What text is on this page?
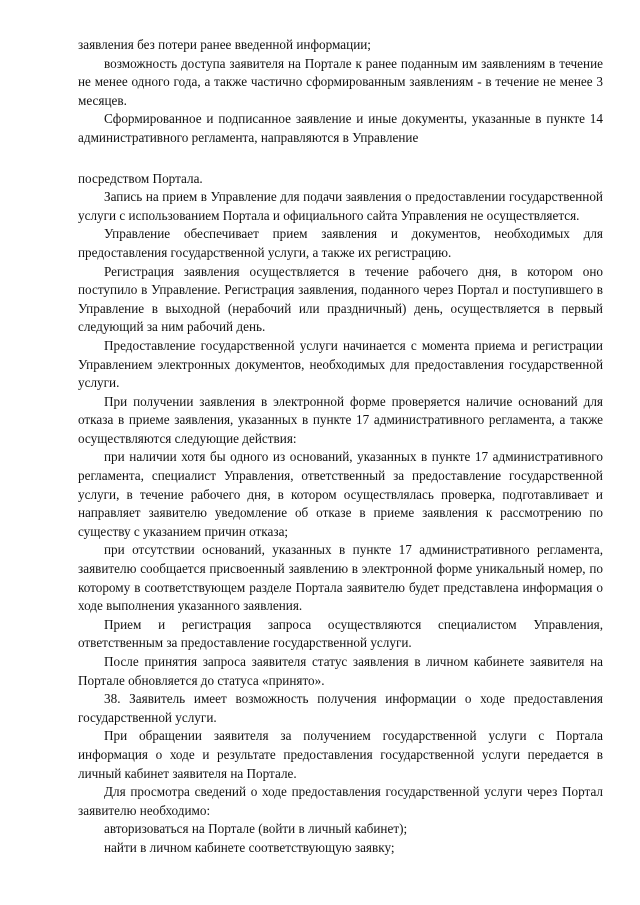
заявления без потери ранее введенной информации;

возможность доступа заявителя на Портале к ранее поданным им заявлениям в течение не менее одного года, а также частично сформированным заявлениям - в течение не менее 3 месяцев.

Сформированное и подписанное заявление и иные документы, указанные в пункте 14 административного регламента, направляются в Управление

посредством Портала.

Запись на прием в Управление для подачи заявления о предоставлении государственной услуги с использованием Портала и официального сайта Управления не осуществляется.

Управление обеспечивает прием заявления и документов, необходимых для предоставления государственной услуги, а также их регистрацию.

Регистрация заявления осуществляется в течение рабочего дня, в котором оно поступило в Управление. Регистрация заявления, поданного через Портал и поступившего в Управление в выходной (нерабочий или праздничный) день, осуществляется в первый следующий за ним рабочий день.

Предоставление государственной услуги начинается с момента приема и регистрации Управлением электронных документов, необходимых для предоставления государственной услуги.

При получении заявления в электронной форме проверяется наличие оснований для отказа в приеме заявления, указанных в пункте 17 административного регламента, а также осуществляются следующие действия:

при наличии хотя бы одного из оснований, указанных в пункте 17 административного регламента, специалист Управления, ответственный за предоставление государственной услуги, в течение рабочего дня, в котором осуществлялась проверка, подготавливает и направляет заявителю уведомление об отказе в приеме заявления к рассмотрению по существу с указанием причин отказа;

при отсутствии оснований, указанных в пункте 17 административного регламента, заявителю сообщается присвоенный заявлению в электронной форме уникальный номер, по которому в соответствующем разделе Портала заявителю будет представлена информация о ходе выполнения указанного заявления.

Прием и регистрация запроса осуществляются специалистом Управления, ответственным за предоставление государственной услуги.

После принятия запроса заявителя статус заявления в личном кабинете заявителя на Портале обновляется до статуса «принято».

38. Заявитель имеет возможность получения информации о ходе предоставления государственной услуги.

При обращении заявителя за получением государственной услуги с Портала информация о ходе и результате предоставления государственной услуги передается в личный кабинет заявителя на Портале.

Для просмотра сведений о ходе предоставления государственной услуги через Портал заявителю необходимо:

авторизоваться на Портале (войти в личный кабинет);

найти в личном кабинете соответствующую заявку;
